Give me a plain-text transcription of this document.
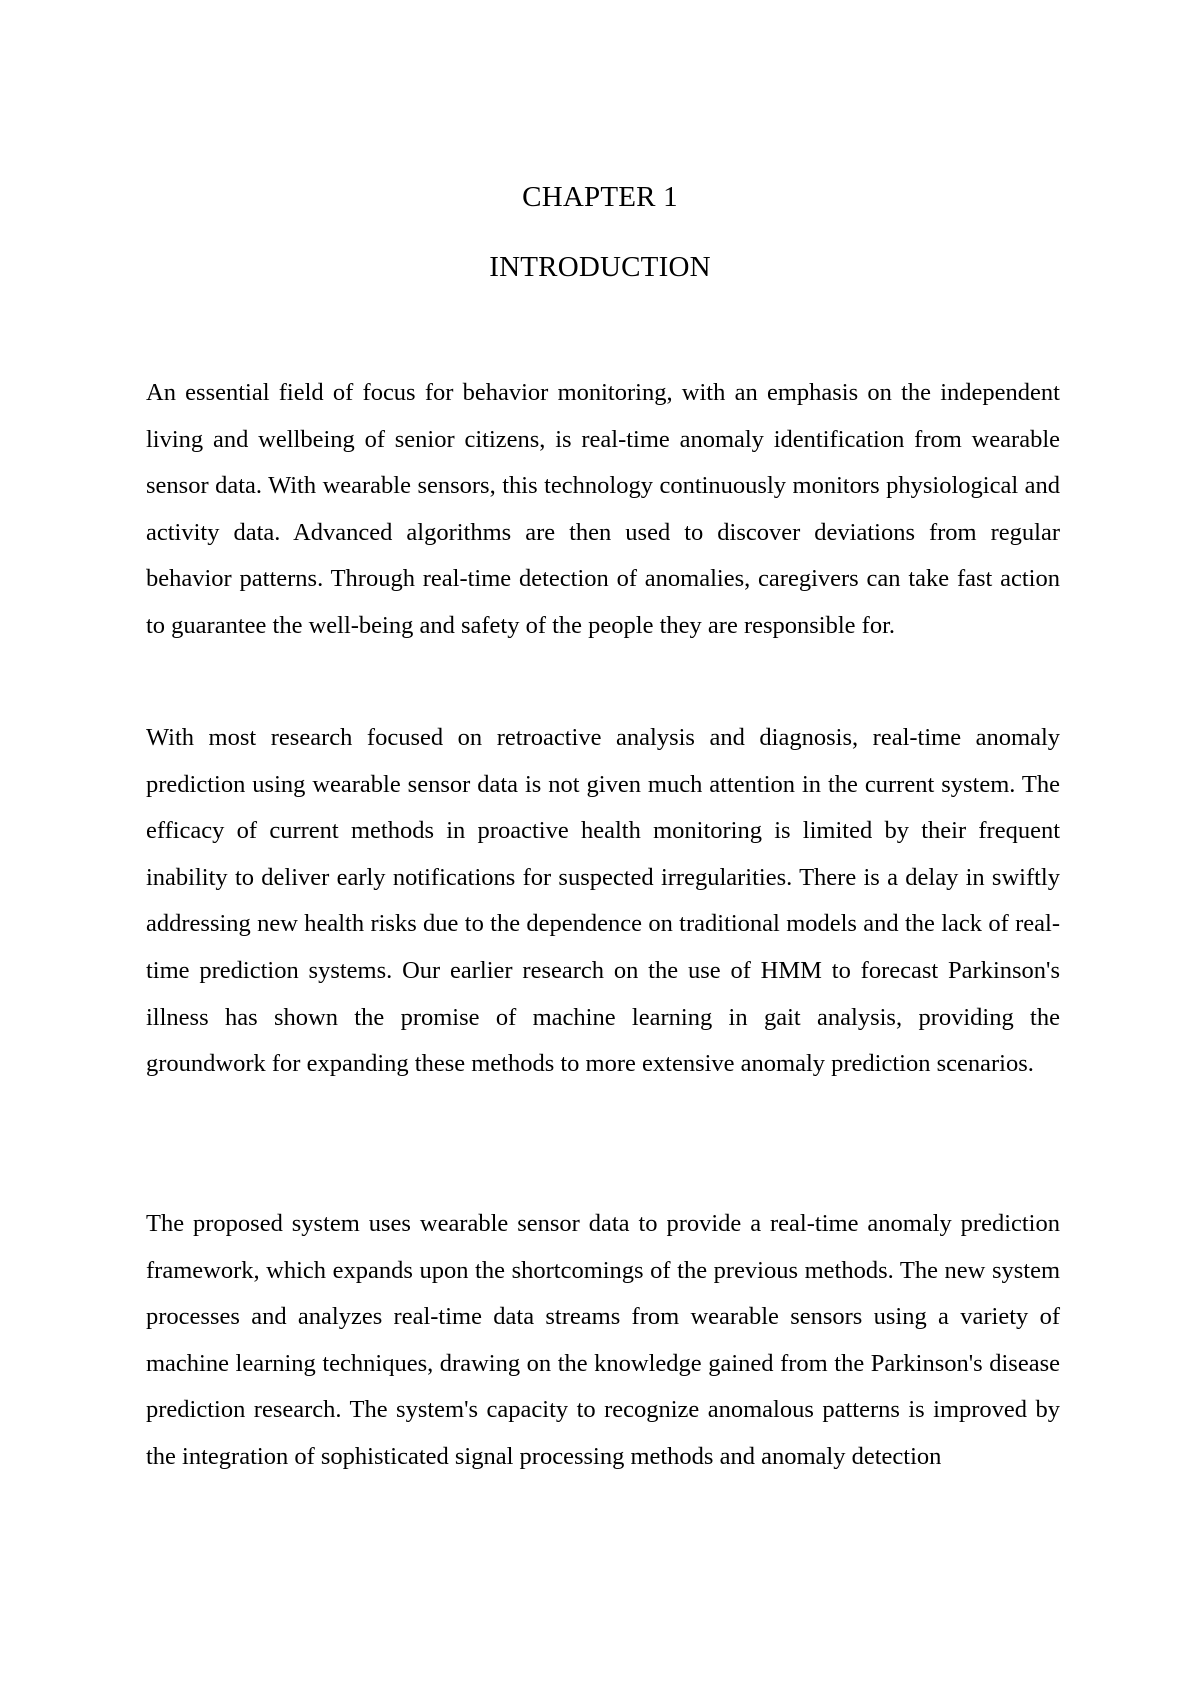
CHAPTER 1
INTRODUCTION

An essential field of focus for behavior monitoring, with an emphasis on the independent living and wellbeing of senior citizens, is real-time anomaly identification from wearable sensor data. With wearable sensors, this technology continuously monitors physiological and activity data. Advanced algorithms are then used to discover deviations from regular behavior patterns. Through real-time detection of anomalies, caregivers can take fast action to guarantee the well-being and safety of the people they are responsible for.

With most research focused on retroactive analysis and diagnosis, real-time anomaly prediction using wearable sensor data is not given much attention in the current system. The efficacy of current methods in proactive health monitoring is limited by their frequent inability to deliver early notifications for suspected irregularities. There is a delay in swiftly addressing new health risks due to the dependence on traditional models and the lack of real-time prediction systems. Our earlier research on the use of HMM to forecast Parkinson's illness has shown the promise of machine learning in gait analysis, providing the groundwork for expanding these methods to more extensive anomaly prediction scenarios.

The proposed system uses wearable sensor data to provide a real-time anomaly prediction framework, which expands upon the shortcomings of the previous methods. The new system processes and analyzes real-time data streams from wearable sensors using a variety of machine learning techniques, drawing on the knowledge gained from the Parkinson's disease prediction research. The system's capacity to recognize anomalous patterns is improved by the integration of sophisticated signal processing methods and anomaly detection
